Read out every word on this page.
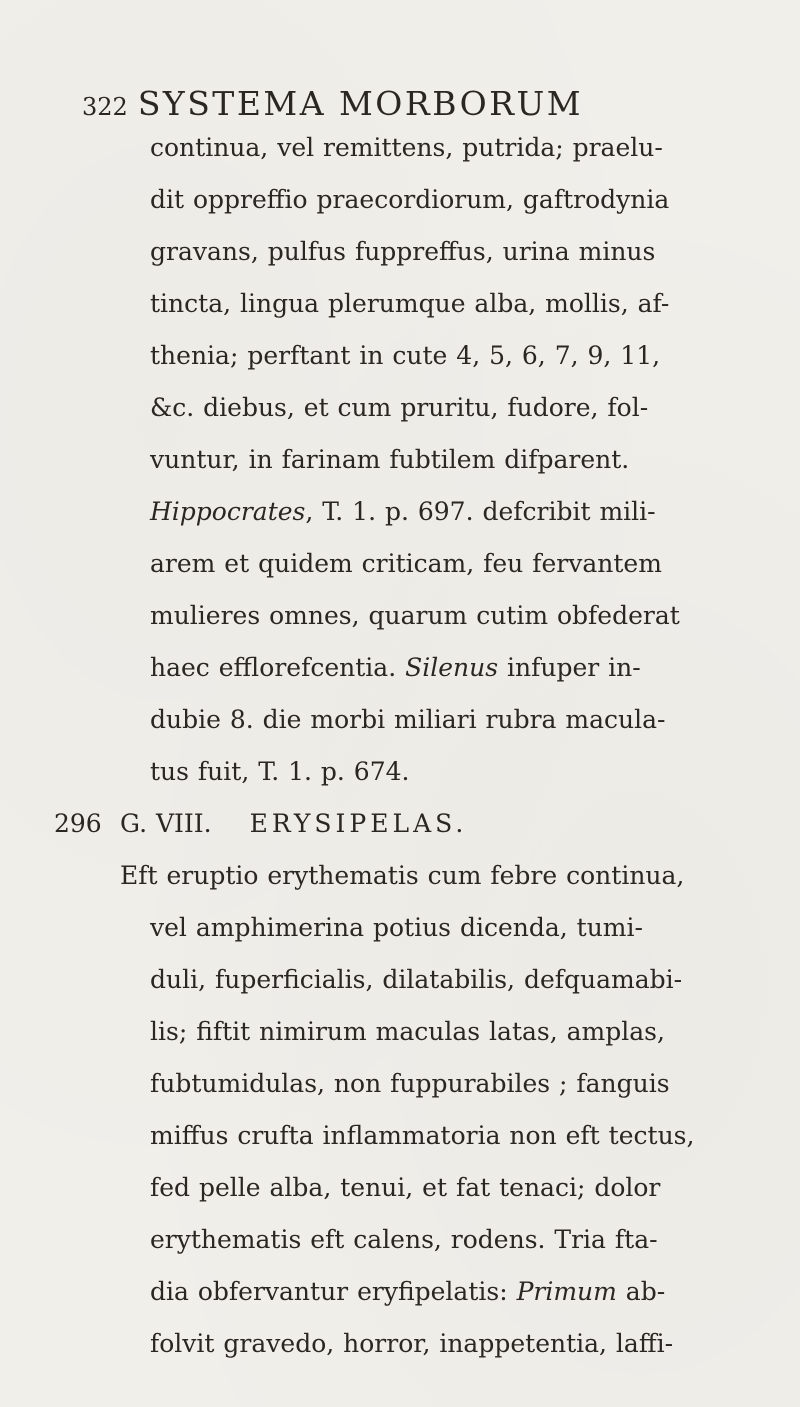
322 SYSTEMA MORBORUM
continua, vel remittens, putrida; praelu-
dit oppreffio praecordiorum, gaftrodynia
gravans, pulfus fuppreffus, urina minus
tincta, lingua plerumque alba, mollis, af-
thenia; perftant in cute 4, 5, 6, 7, 9, 11,
&c. diebus, et cum pruritu, fudore, fol-
vuntur, in farinam fubtilem difparent.
Hippocrates, T. 1. p. 697. defcribit mili-
arem et quidem criticam, feu fervantem
mulieres omnes, quarum cutim obfederat
haec efflorefcentia. Silenus infuper in-
dubie 8. die morbi miliari rubra macula-
tus fuit, T. 1. p. 674.
296 G. VIII. ERYSIPELAS.
Eft eruptio erythematis cum febre continua,
vel amphimerina potius dicenda, tumi-
duli, fuperficialis, dilatabilis, defquamabi-
lis; fiftit nimirum maculas latas, amplas,
fubtumidulas, non fuppurabiles ; fanguis
miffus crufta inflammatoria non eft tectus,
fed pelle alba, tenui, et fat tenaci; dolor
erythematis eft calens, rodens. Tria fta-
dia obfervantur eryfipelatis: Primum ab-
folvit gravedo, horror, inappetentia, laffi-
